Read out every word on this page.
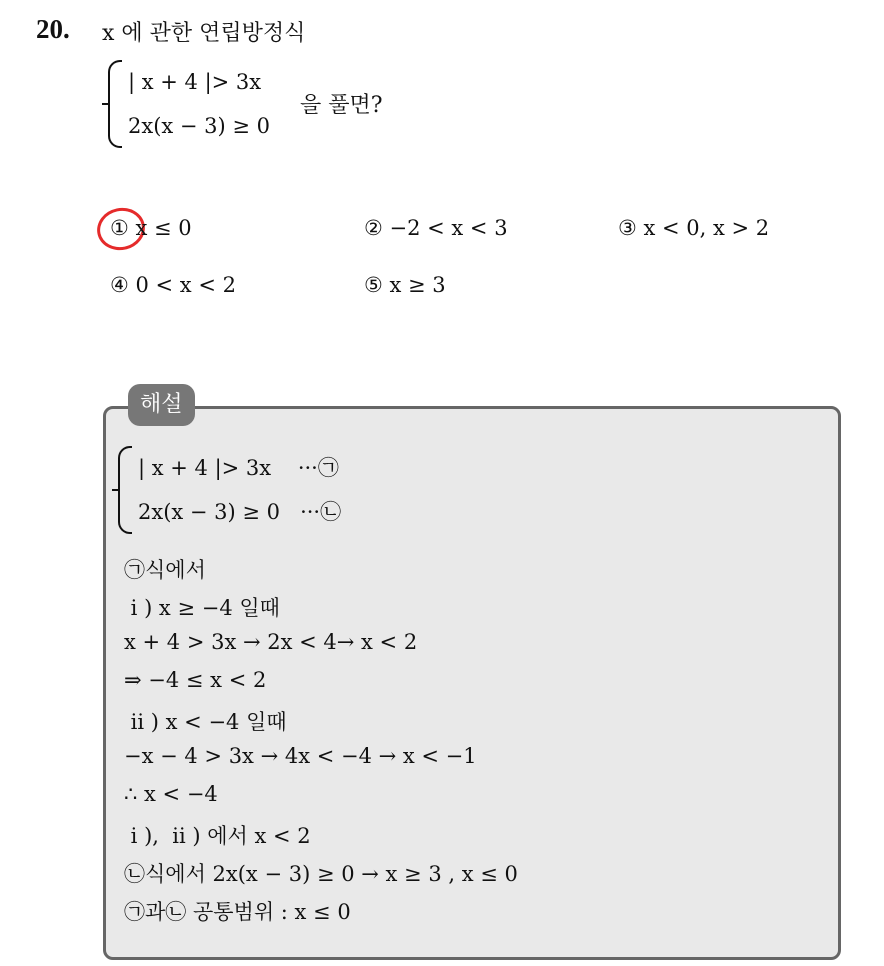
20. x 에 관한 연립방정식
| x + 4 |> 3x
2x(x − 3) ≥ 0
을 풀면?
① x ≤ 0	② −2 < x < 3	③ x < 0, x > 2
④ 0 < x < 2	⑤ x ≥ 3
해설
| x + 4 |> 3x    ···㉠
2x(x − 3) ≥ 0   ···㉡
㉠식에서
i ) x ≥ −4 일때
x + 4 > 3x → 2x < 4→ x < 2
⇒ −4 ≤ x < 2
ii ) x < −4 일때
−x − 4 > 3x → 4x < −4 → x < −1
∴ x < −4
i ),  ii ) 에서 x < 2
㉡식에서 2x(x − 3) ≥ 0 → x ≥ 3 , x ≤ 0
㉠과㉡ 공통범위 : x ≤ 0
